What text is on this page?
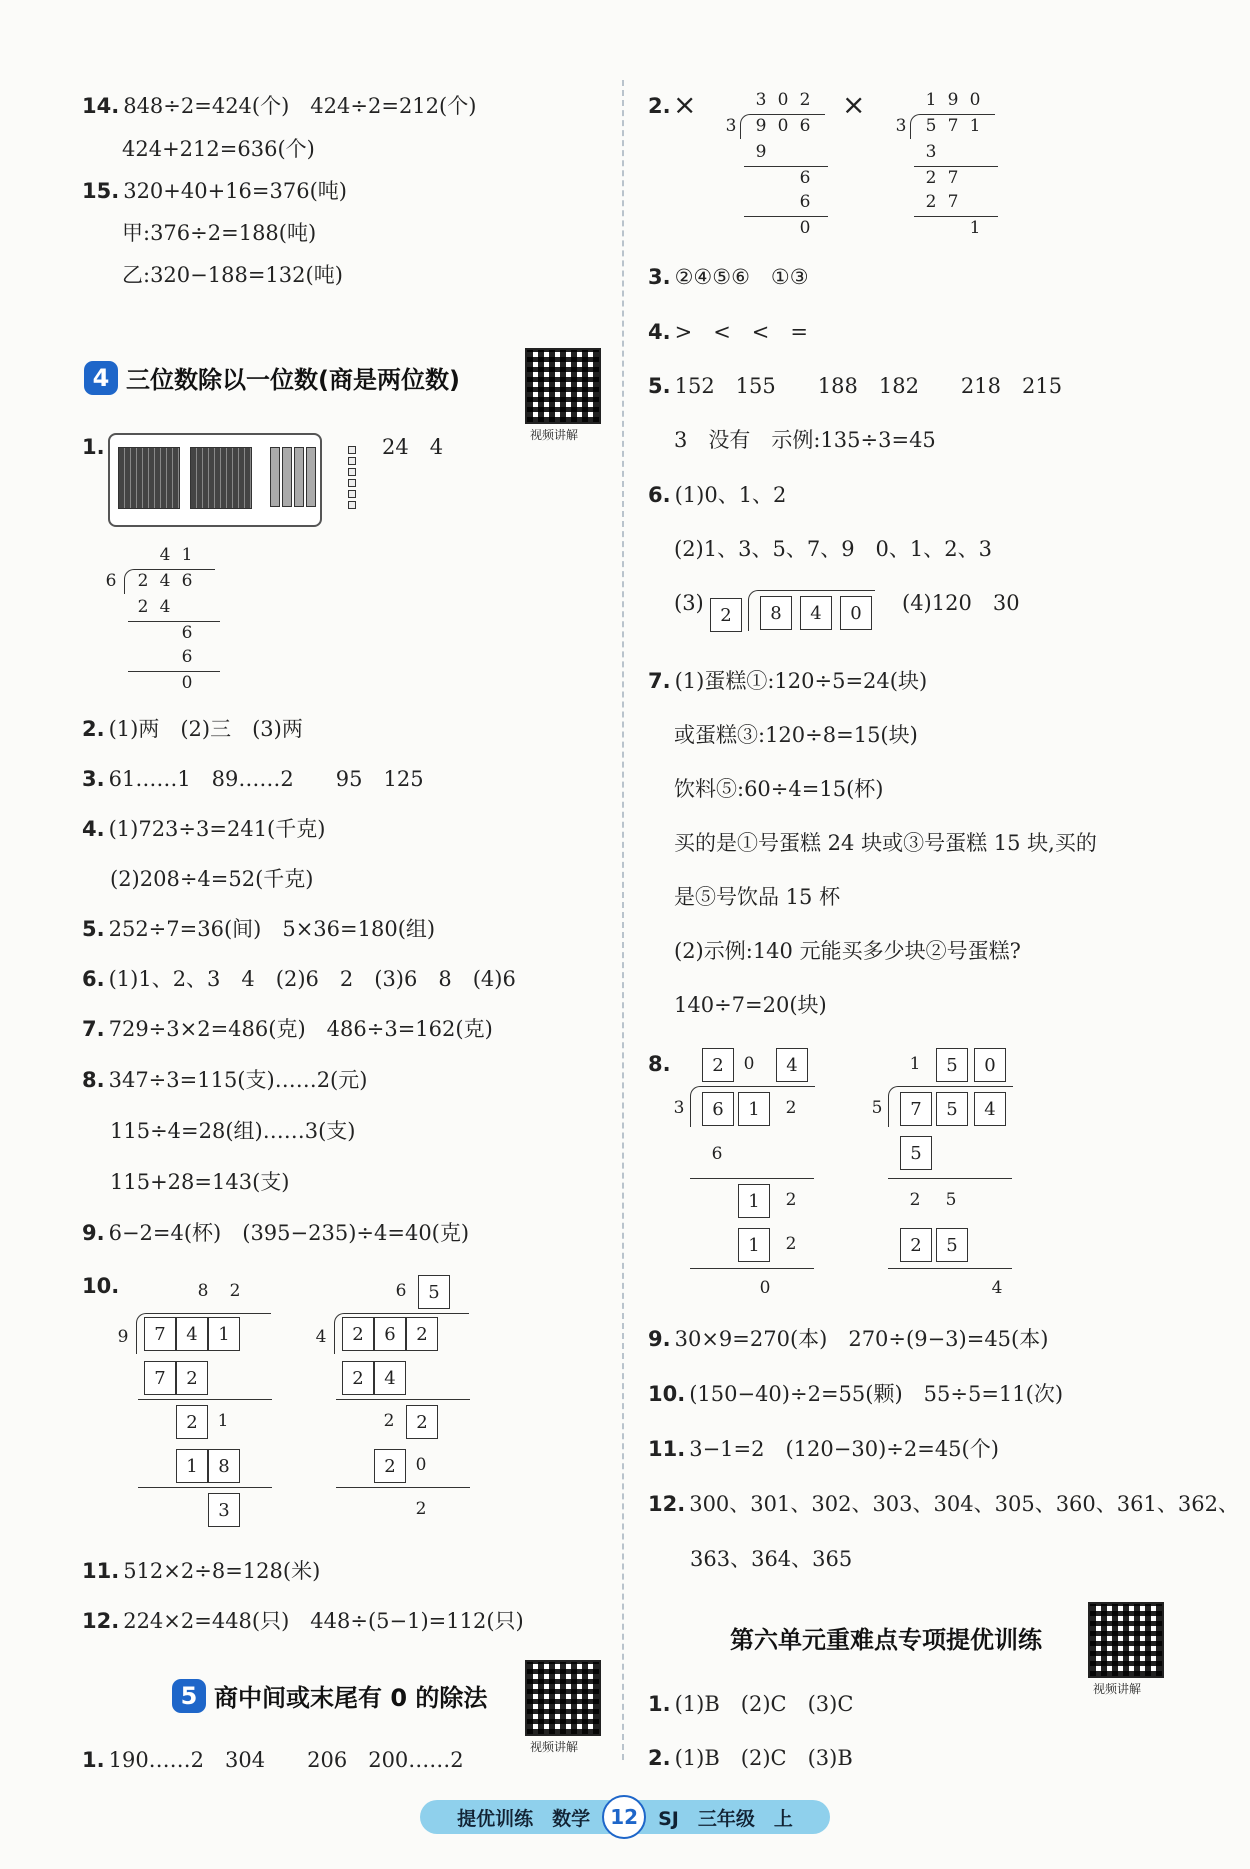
14. 848÷2=424(个)　424÷2=212(个)
424+212=636(个)
15. 320+40+16=376(吨)
甲:376÷2=188(吨)
乙:320−188=132(吨)
4 三位数除以一位数(商是两位数)
视频讲解
1.	24　4
4 1
6	2 4 6
2 4
6
6
0
2. (1)两　(2)三　(3)两
3. 61……1　89……2　　95　125
4. (1)723÷3=241(千克)
(2)208÷4=52(千克)
5. 252÷7=36(间)　5×36=180(组)
6. (1)1、2、3　4　(2)6　2　(3)6　8　(4)6
7. 729÷3×2=486(克)　486÷3=162(克)
8. 347÷3=115(支)……2(元)
115÷4=28(组)……3(支)
115+28=143(支)
9. 6−2=4(杯)　(395−235)÷4=40(克)
10.	8	2
9	7	4	1
7	2
2	1
1	8
3
6	5
4	2	6	2
2	4
2	2
2	0
2
11. 512×2÷8=128(米)
12. 224×2=448(只)　448÷(5−1)=112(只)
5 商中间或末尾有 0 的除法
视频讲解
1. 190……2　304　　206　200……2
2. ×	3 0 2
3	9 0 6
9
6
6
0
×	1 9 0
3	5 7 1
3
2 7
2 7
1
3. ②④⑤⑥　①③
4. >　<　<　=
5. 152　155　　188　182　　218　215
3　没有　示例:135÷3=45
6. (1)0、1、2
(2)1、3、5、7、9　0、1、2、3
(3) 2	8	4	0	(4)120　30
7. (1)蛋糕①:120÷5=24(块)
或蛋糕③:120÷8=15(块)
饮料⑤:60÷4=15(杯)
买的是①号蛋糕 24 块或③号蛋糕 15 块,买的
是⑤号饮品 15 杯
(2)示例:140 元能买多少块②号蛋糕?
140÷7=20(块)
8.	2	0	4
3	6	1	2
6
1	2
1	2
0
1	5	0
5	7	5	4
5
2	5
2	5
4
9. 30×9=270(本)　270÷(9−3)=45(本)
10. (150−40)÷2=55(颗)　55÷5=11(次)
11. 3−1=2　(120−30)÷2=45(个)
12. 300、301、302、303、304、305、360、361、362、
363、364、365
第六单元重难点专项提优训练
视频讲解
1. (1)B　(2)C　(3)C
2. (1)B　(2)C　(3)B
提优训练　数学	12	SJ　三年级　上
